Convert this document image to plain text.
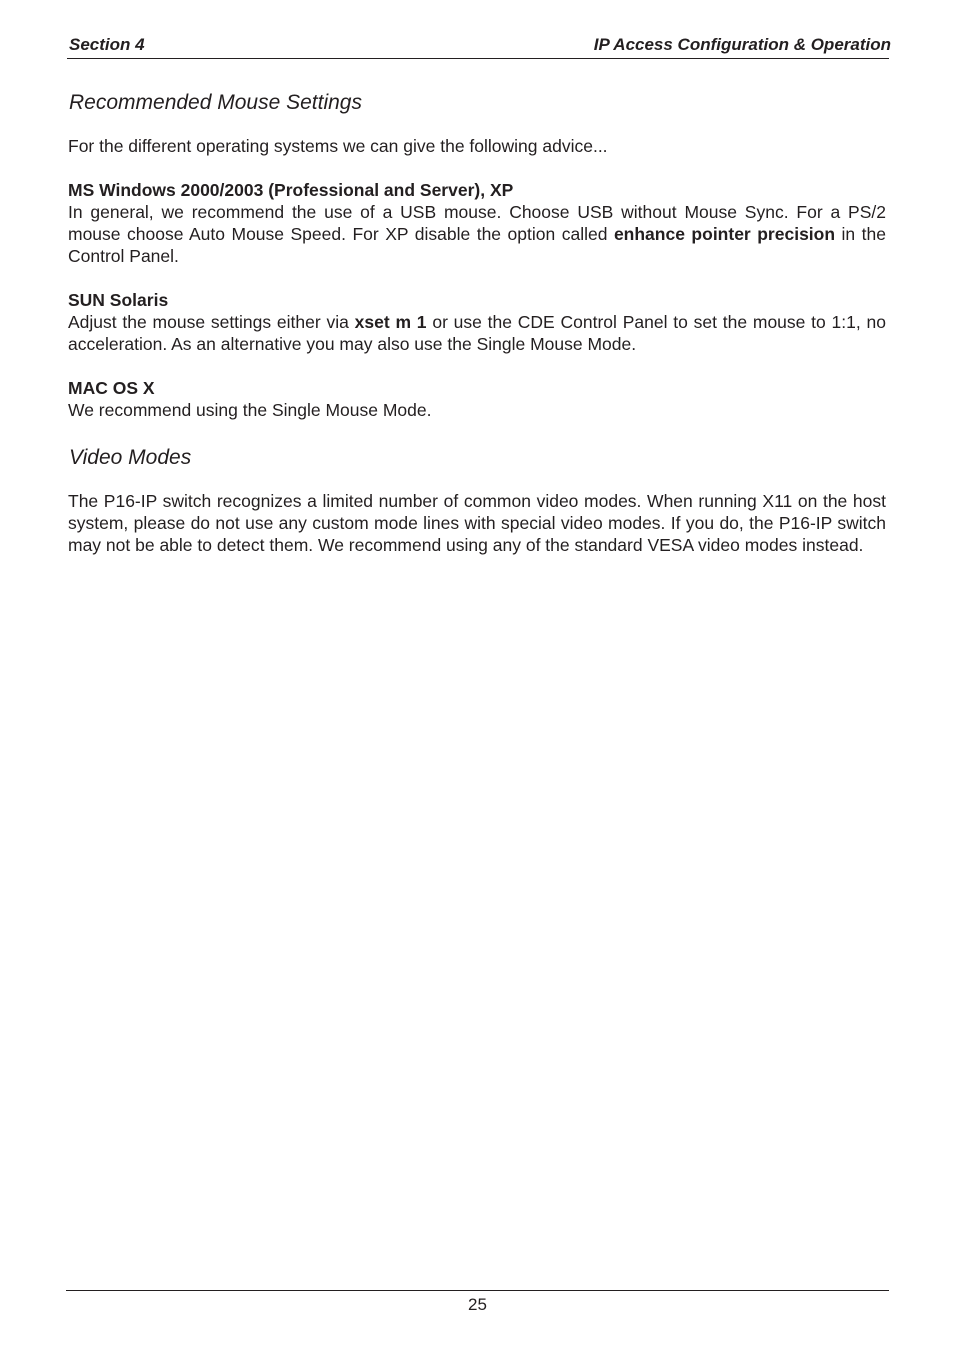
Section 4	IP Access Configuration & Operation
Recommended Mouse Settings

For the different operating systems we can give the following advice...

MS Windows 2000/2003 (Professional and Server), XP

In general, we recommend the use of a USB mouse. Choose USB without Mouse Sync. For a PS/2 mouse choose Auto Mouse Speed. For XP disable the option called enhance pointer precision in the Control Panel.

SUN Solaris

Adjust the mouse settings either via xset m 1 or use the CDE Control Panel to set the mouse to 1:1, no acceleration. As an alternative you may also use the Single Mouse Mode.

MAC OS X

We recommend using the Single Mouse Mode.

Video Modes

The P16-IP switch recognizes a limited number of common video modes. When running X11 on the host system, please do not use any custom mode lines with special video modes. If you do, the P16-IP switch may not be able to detect them. We recommend using any of the standard VESA video modes instead.

25
